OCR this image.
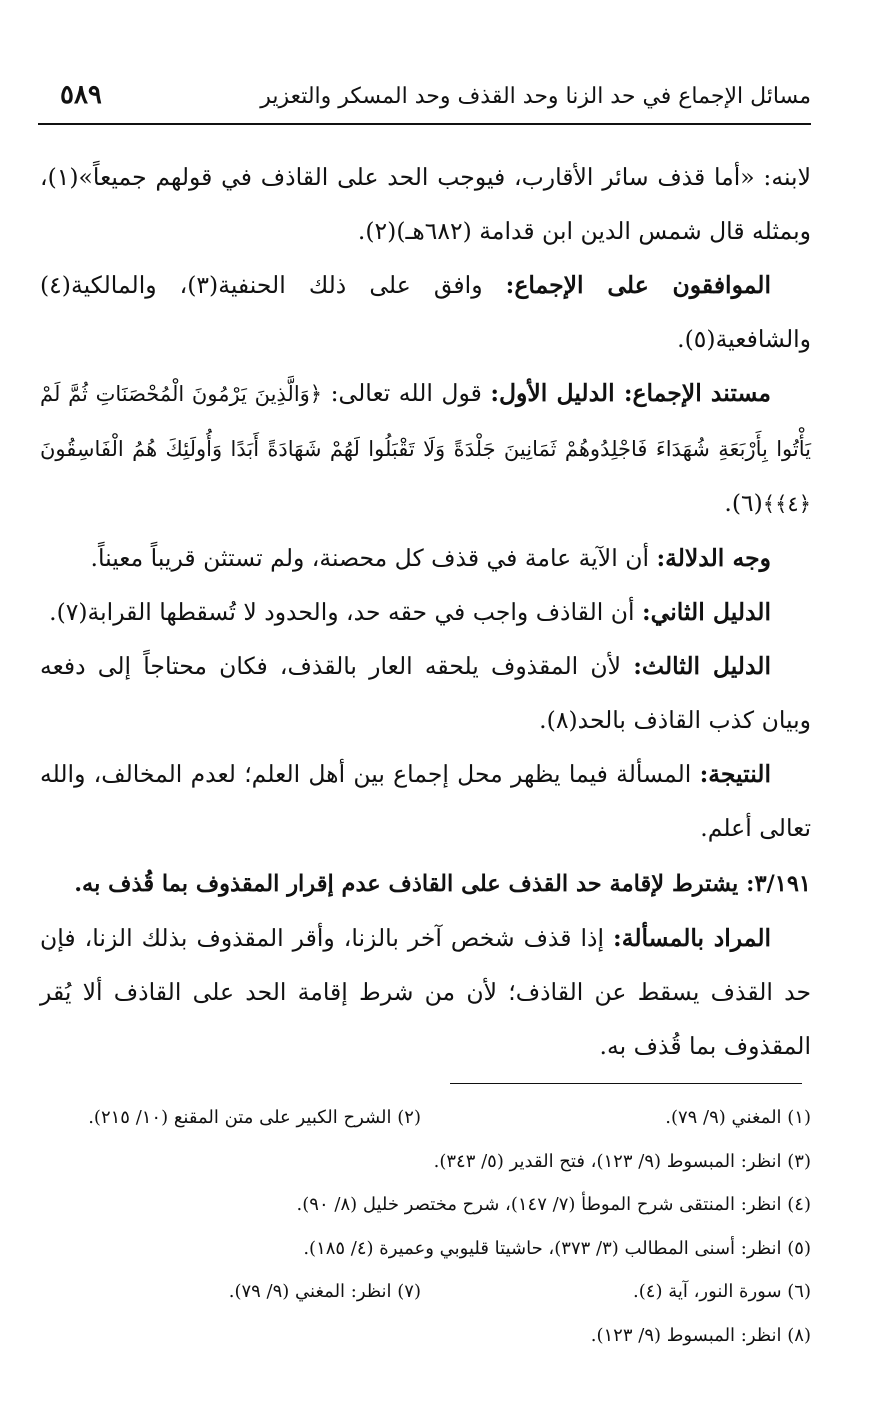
مسائل الإجماع في حد الزنا وحد القذف وحد المسكر والتعزير
٥٨٩

لابنه: «أما قذف سائر الأقارب، فيوجب الحد على القاذف في قولهم جميعاً»(١)، وبمثله قال شمس الدين ابن قدامة (٦٨٢هـ)(٢).

الموافقون على الإجماع: وافق على ذلك الحنفية(٣)، والمالكية(٤) والشافعية(٥).

مستند الإجماع: الدليل الأول: قول الله تعالى: ﴿وَالَّذِينَ يَرْمُونَ الْمُحْصَنَاتِ ثُمَّ لَمْ يَأْتُوا بِأَرْبَعَةِ شُهَدَاءَ فَاجْلِدُوهُمْ ثَمَانِينَ جَلْدَةً وَلَا تَقْبَلُوا لَهُمْ شَهَادَةً أَبَدًا وَأُولَئِكَ هُمُ الْفَاسِقُونَ ﴿٤﴾﴾(٦).

وجه الدلالة: أن الآية عامة في قذف كل محصنة، ولم تستثن قريباً معيناً.

الدليل الثاني: أن القاذف واجب في حقه حد، والحدود لا تُسقطها القرابة(٧).

الدليل الثالث: لأن المقذوف يلحقه العار بالقذف، فكان محتاجاً إلى دفعه وبيان كذب القاذف بالحد(٨).

النتيجة: المسألة فيما يظهر محل إجماع بين أهل العلم؛ لعدم المخالف، والله تعالى أعلم.

٣/١٩١: يشترط لإقامة حد القذف على القاذف عدم إقرار المقذوف بما قُذف به.

المراد بالمسألة: إذا قذف شخص آخر بالزنا، وأقر المقذوف بذلك الزنا، فإن حد القذف يسقط عن القاذف؛ لأن من شرط إقامة الحد على القاذف ألا يُقر المقذوف بما قُذف به.

(١) المغني (٩/ ٧٩).
(٢) الشرح الكبير على متن المقنع (١٠/ ٢١٥).
(٣) انظر: المبسوط (٩/ ١٢٣)، فتح القدير (٥/ ٣٤٣).
(٤) انظر: المنتقى شرح الموطأ (٧/ ١٤٧)، شرح مختصر خليل (٨/ ٩٠).
(٥) انظر: أسنى المطالب (٣/ ٣٧٣)، حاشيتا قليوبي وعميرة (٤/ ١٨٥).
(٦) سورة النور، آية (٤).
(٧) انظر: المغني (٩/ ٧٩).
(٨) انظر: المبسوط (٩/ ١٢٣).
